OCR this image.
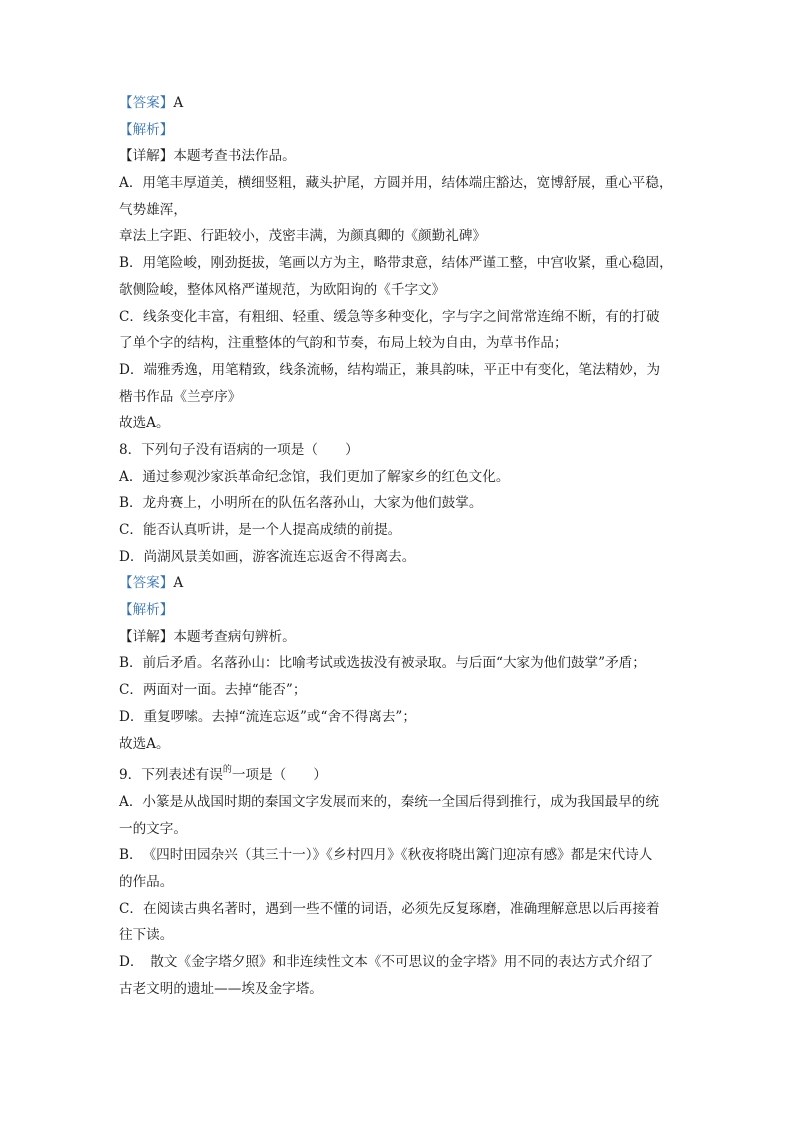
【答案】A
【解析】
【详解】本题考查书法作品。
A．用笔丰厚道美，横细竖粗，藏头护尾，方圆并用，结体端庄豁达，宽博舒展，重心平稳，
气势雄浑，
章法上字距、行距较小，茂密丰满，为颜真卿的《颜勤礼碑》
B．用笔险峻，刚劲挺拔，笔画以方为主，略带隶意，结体严谨工整，中宫收紧，重心稳固，
欹侧险峻，整体风格严谨规范，为欧阳询的《千字文》
C．线条变化丰富，有粗细、轻重、缓急等多种变化，字与字之间常常连绵不断，有的打破
了单个字的结构，注重整体的气韵和节奏，布局上较为自由，为草书作品；
D．端雅秀逸，用笔精致，线条流畅，结构端正，兼具韵味，平正中有变化，笔法精妙，为
楷书作品《兰亭序》
故选A。
8．下列句子没有语病的一项是（　　）
A．通过参观沙家浜革命纪念馆，我们更加了解家乡的红色文化。
B．龙舟赛上，小明所在的队伍名落孙山，大家为他们鼓掌。
C．能否认真听讲，是一个人提高成绩的前提。
D．尚湖风景美如画，游客流连忘返舍不得离去。
【答案】A
【解析】
【详解】本题考查病句辨析。
B．前后矛盾。名落孙山：比喻考试或选拔没有被录取。与后面“大家为他们鼓掌”矛盾；
C．两面对一面。去掉“能否”；
D．重复啰嗦。去掉“流连忘返”或“舍不得离去”；
故选A。
9．下列表述有误$^的$一项是（　　）
A．小篆是从战国时期的秦国文字发展而来的，秦统一全国后得到推行，成为我国最早的统
一的文字。
B．　《四时田园杂兴（其三十一）》《乡村四月》《秋夜将晓出篱门迎凉有感》都是宋代诗人
的作品。
C．在阅读古典名著时，遇到一些不懂的词语，必须先反复琢磨，准确理解意思以后再接着
往下读。
D．　散文《金字塔夕照》和非连续性文本《不可思议的金字塔》用不同的表达方式介绍了
古老文明的遗址——埃及金字塔。
